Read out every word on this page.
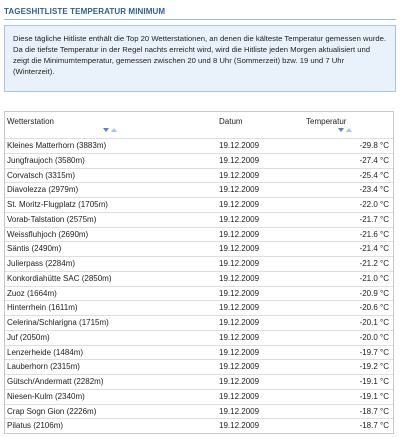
TAGESHITLISTE TEMPERATUR MINIMUM
Diese tägliche Hitliste enthält die Top 20 Wetterstationen, an denen die kälteste Temperatur gemessen wurde. Da die tiefste Temperatur in der Regel nachts erreicht wird, wird die Hitliste jeden Morgen aktualisiert und zeigt die Minimumtemperatur, gemessen zwischen 20 und 8 Uhr (Sommerzeit) bzw. 19 und 7 Uhr (Winterzeit).
Wetterstation	Datum	Temperatur
Kleines Matterhorn (3883m)	19.12.2009	-29.8 °C
Jungfraujoch (3580m)	19.12.2009	-27.4 °C
Corvatsch (3315m)	19.12.2009	-25.4 °C
Diavolezza (2979m)	19.12.2009	-23.4 °C
St. Moritz-Flugplatz (1705m)	19.12.2009	-22.0 °C
Vorab-Talstation (2575m)	19.12.2009	-21.7 °C
Weissfluhjoch (2690m)	19.12.2009	-21.6 °C
Säntis (2490m)	19.12.2009	-21.4 °C
Julierpass (2284m)	19.12.2009	-21.2 °C
Konkordiahütte SAC (2850m)	19.12.2009	-21.0 °C
Zuoz (1664m)	19.12.2009	-20.9 °C
Hinterrhein (1611m)	19.12.2009	-20.6 °C
Celerina/Schlarigna (1715m)	19.12.2009	-20.1 °C
Juf (2050m)	19.12.2009	-20.0 °C
Lenzerheide (1484m)	19.12.2009	-19.7 °C
Lauberhorn (2315m)	19.12.2009	-19.2 °C
Gütsch/Andermatt (2282m)	19.12.2009	-19.1 °C
Niesen-Kulm (2340m)	19.12.2009	-19.1 °C
Crap Sogn Gion (2226m)	19.12.2009	-18.7 °C
Pilatus (2106m)	19.12.2009	-18.7 °C
